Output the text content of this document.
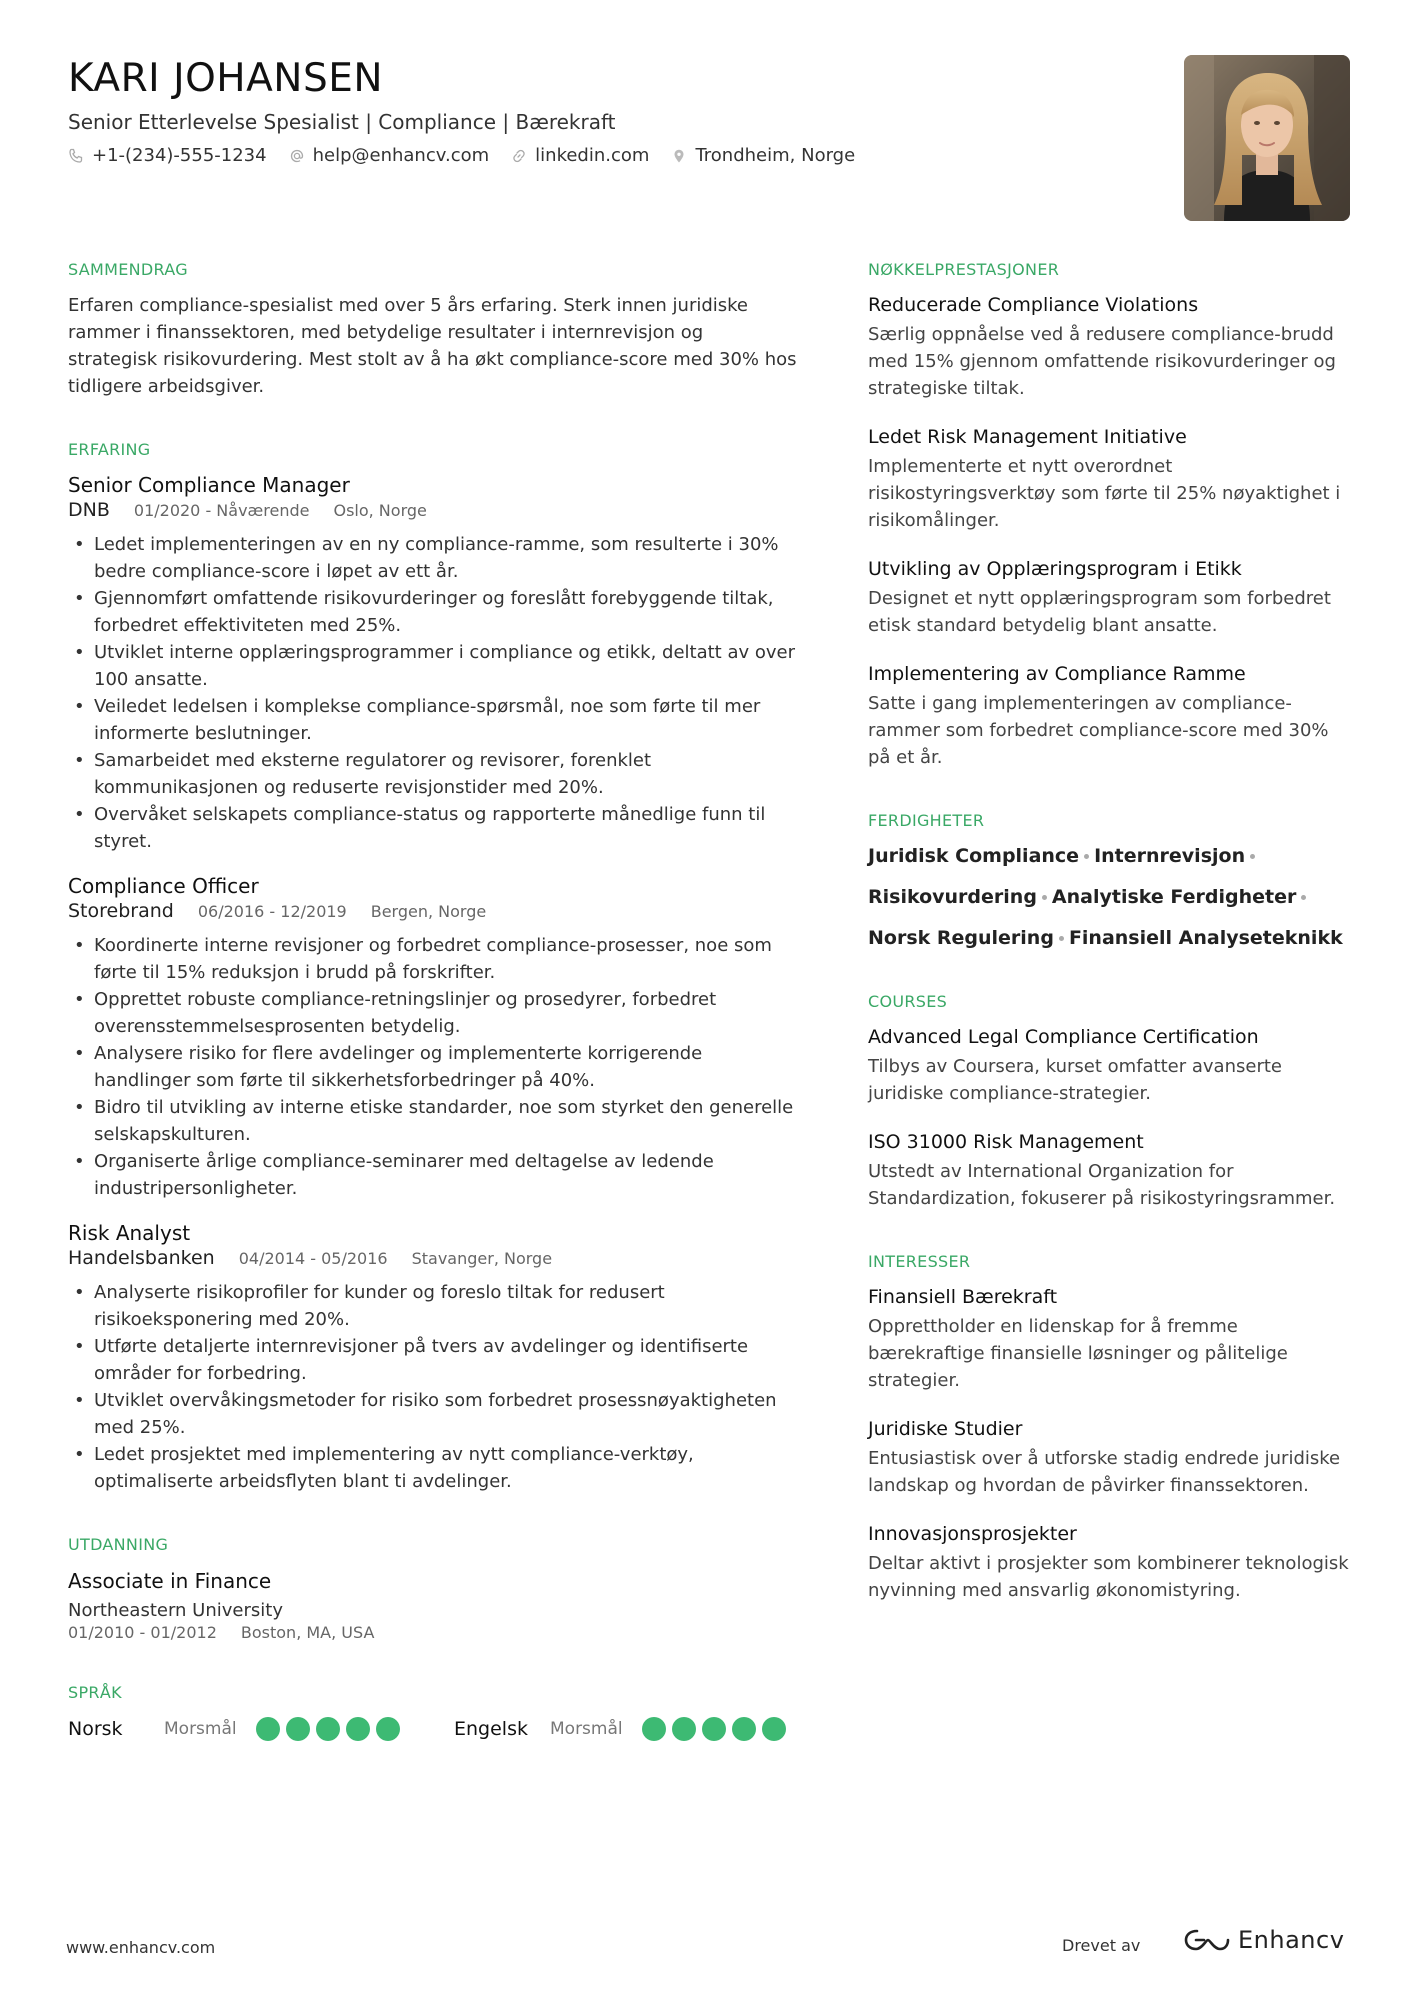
KARI JOHANSEN
Senior Etterlevelse Spesialist | Compliance | Bærekraft
+1-(234)-555-1234	help@enhancv.com	linkedin.com	Trondheim, Norge
SAMMENDRAG
Erfaren compliance-spesialist med over 5 års erfaring. Sterk innen juridiske rammer i finanssektoren, med betydelige resultater i internrevisjon og strategisk risikovurdering. Mest stolt av å ha økt compliance-score med 30% hos tidligere arbeidsgiver.
ERFARING
Senior Compliance Manager
DNB 01/2020 - Nåværende Oslo, Norge
• Ledet implementeringen av en ny compliance-ramme, som resulterte i 30% bedre compliance-score i løpet av ett år.
• Gjennomført omfattende risikovurderinger og foreslått forebyggende tiltak, forbedret effektiviteten med 25%.
• Utviklet interne opplæringsprogrammer i compliance og etikk, deltatt av over 100 ansatte.
• Veiledet ledelsen i komplekse compliance-spørsmål, noe som førte til mer informerte beslutninger.
• Samarbeidet med eksterne regulatorer og revisorer, forenklet kommunikasjonen og reduserte revisjonstider med 20%.
• Overvåket selskapets compliance-status og rapporterte månedlige funn til styret.
Compliance Officer
Storebrand 06/2016 - 12/2019 Bergen, Norge
• Koordinerte interne revisjoner og forbedret compliance-prosesser, noe som førte til 15% reduksjon i brudd på forskrifter.
• Opprettet robuste compliance-retningslinjer og prosedyrer, forbedret overensstemmelsesprosenten betydelig.
• Analysere risiko for flere avdelinger og implementerte korrigerende handlinger som førte til sikkerhetsforbedringer på 40%.
• Bidro til utvikling av interne etiske standarder, noe som styrket den generelle selskapskulturen.
• Organiserte årlige compliance-seminarer med deltagelse av ledende industripersonligheter.
Risk Analyst
Handelsbanken 04/2014 - 05/2016 Stavanger, Norge
• Analyserte risikoprofiler for kunder og foreslo tiltak for redusert risikoeksponering med 20%.
• Utførte detaljerte internrevisjoner på tvers av avdelinger og identifiserte områder for forbedring.
• Utviklet overvåkingsmetoder for risiko som forbedret prosessnøyaktigheten med 25%.
• Ledet prosjektet med implementering av nytt compliance-verktøy, optimaliserte arbeidsflyten blant ti avdelinger.
UTDANNING
Associate in Finance
Northeastern University
01/2010 - 01/2012 Boston, MA, USA
SPRÅK
Norsk	Morsmål	Engelsk	Morsmål
NØKKELPRESTASJONER
Reducerade Compliance Violations
Særlig oppnåelse ved å redusere compliance-brudd med 15% gjennom omfattende risikovurderinger og strategiske tiltak.
Ledet Risk Management Initiative
Implementerte et nytt overordnet risikostyringsverktøy som førte til 25% nøyaktighet i risikomålinger.
Utvikling av Opplæringsprogram i Etikk
Designet et nytt opplæringsprogram som forbedret etisk standard betydelig blant ansatte.
Implementering av Compliance Ramme
Satte i gang implementeringen av compliance-rammer som forbedret compliance-score med 30% på et år.
FERDIGHETER
Juridisk Compliance Internrevisjon
Risikovurdering Analytiske Ferdigheter
Norsk Regulering Finansiell Analyseteknikk
COURSES
Advanced Legal Compliance Certification
Tilbys av Coursera, kurset omfatter avanserte juridiske compliance-strategier.
ISO 31000 Risk Management
Utstedt av International Organization for Standardization, fokuserer på risikostyringsrammer.
INTERESSER
Finansiell Bærekraft
Opprettholder en lidenskap for å fremme bærekraftige finansielle løsninger og pålitelige strategier.
Juridiske Studier
Entusiastisk over å utforske stadig endrede juridiske landskap og hvordan de påvirker finanssektoren.
Innovasjonsprosjekter
Deltar aktivt i prosjekter som kombinerer teknologisk nyvinning med ansvarlig økonomistyring.
www.enhancv.com	Drevet av	Enhancv
